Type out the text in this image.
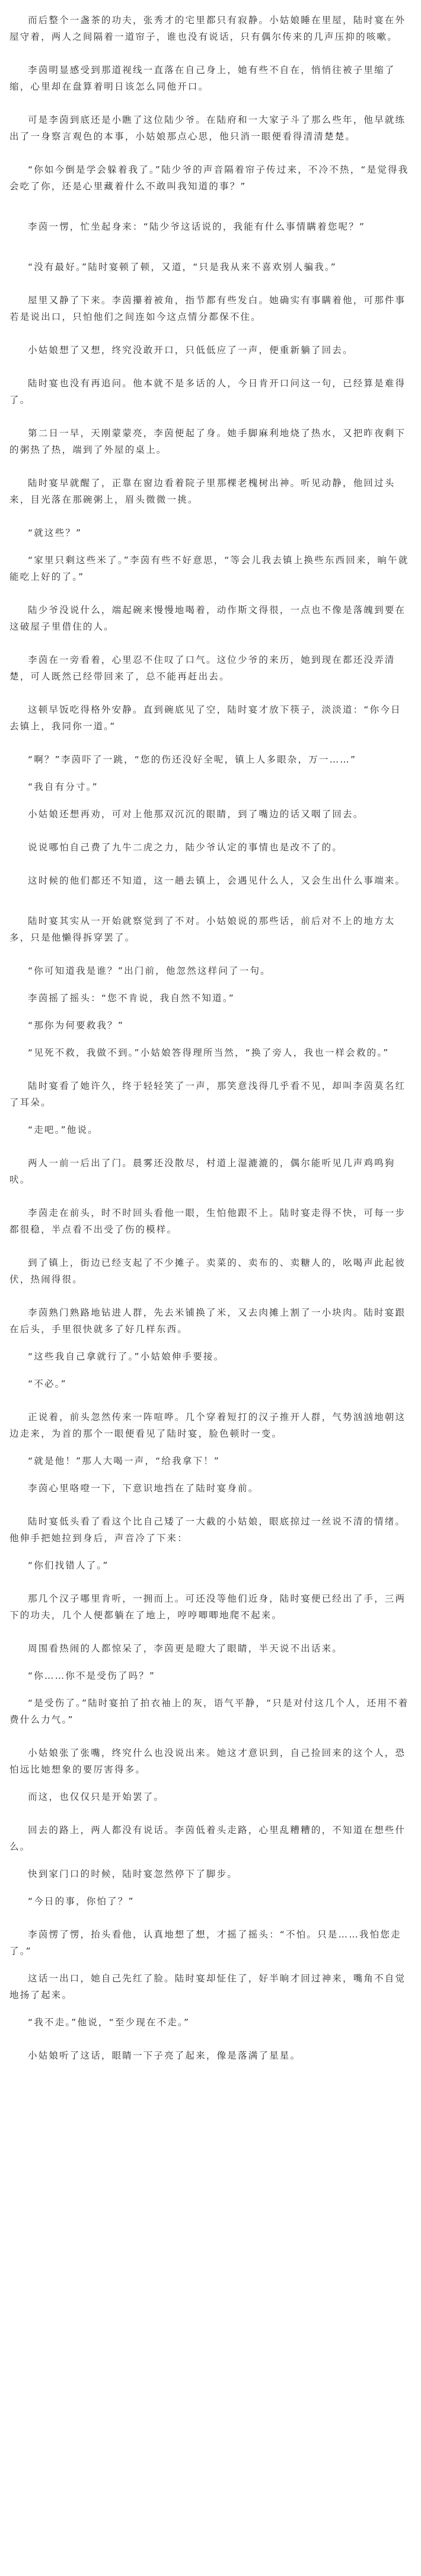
而后整个一盏茶的功夫，张秀才的宅里都只有寂静。小姑娘睡在里屋，陆时宴在外屋守着，两人之间隔着一道帘子，谁也没有说话，只有偶尔传来的几声压抑的咳嗽。

李茵明显感受到那道视线一直落在自己身上，她有些不自在，悄悄往被子里缩了缩，心里却在盘算着明日该怎么同他开口。

可是李茵到底还是小瞧了这位陆少爷。在陆府和一大家子斗了那么些年，他早就练出了一身察言观色的本事，小姑娘那点心思，他只消一眼便看得清清楚楚。

“你如今倒是学会躲着我了。”陆少爷的声音隔着帘子传过来，不冷不热，“是觉得我会吃了你，还是心里藏着什么不敢叫我知道的事？”

李茵一愣，忙坐起身来：“陆少爷这话说的，我能有什么事情瞒着您呢？”

“没有最好。”陆时宴顿了顿，又道，“只是我从来不喜欢别人骗我。”

屋里又静了下来。李茵攥着被角，指节都有些发白。她确实有事瞒着他，可那件事若是说出口，只怕他们之间连如今这点情分都保不住。

小姑娘想了又想，终究没敢开口，只低低应了一声，便重新躺了回去。

陆时宴也没有再追问。他本就不是多话的人，今日肯开口问这一句，已经算是难得了。

第二日一早，天刚蒙蒙亮，李茵便起了身。她手脚麻利地烧了热水，又把昨夜剩下的粥热了热，端到了外屋的桌上。

陆时宴早就醒了，正靠在窗边看着院子里那棵老槐树出神。听见动静，他回过头来，目光落在那碗粥上，眉头微微一挑。

“就这些？”

“家里只剩这些米了。”李茵有些不好意思，“等会儿我去镇上换些东西回来，晌午就能吃上好的了。”

陆少爷没说什么，端起碗来慢慢地喝着，动作斯文得很，一点也不像是落魄到要在这破屋子里借住的人。

李茵在一旁看着，心里忍不住叹了口气。这位少爷的来历，她到现在都还没弄清楚，可人既然已经带回来了，总不能再赶出去。

这顿早饭吃得格外安静。直到碗底见了空，陆时宴才放下筷子，淡淡道：“你今日去镇上，我同你一道。”

“啊？”李茵吓了一跳，“您的伤还没好全呢，镇上人多眼杂，万一……”

“我自有分寸。”

小姑娘还想再劝，可对上他那双沉沉的眼睛，到了嘴边的话又咽了回去。

说说哪怕自己费了九牛二虎之力，陆少爷认定的事情也是改不了的。

这时候的他们都还不知道，这一趟去镇上，会遇见什么人，又会生出什么事端来。

陆时宴其实从一开始就察觉到了不对。小姑娘说的那些话，前后对不上的地方太多，只是他懒得拆穿罢了。

“你可知道我是谁？”出门前，他忽然这样问了一句。

李茵摇了摇头：“您不肯说，我自然不知道。”

“那你为何要救我？”

“见死不救，我做不到。”小姑娘答得理所当然，“换了旁人，我也一样会救的。”

陆时宴看了她许久，终于轻轻笑了一声，那笑意浅得几乎看不见，却叫李茵莫名红了耳朵。

“走吧。”他说。

两人一前一后出了门。晨雾还没散尽，村道上湿漉漉的，偶尔能听见几声鸡鸣狗吠。

李茵走在前头，时不时回头看他一眼，生怕他跟不上。陆时宴走得不快，可每一步都很稳，半点看不出受了伤的模样。

到了镇上，街边已经支起了不少摊子。卖菜的、卖布的、卖糖人的，吆喝声此起彼伏，热闹得很。

李茵熟门熟路地钻进人群，先去米铺换了米，又去肉摊上割了一小块肉。陆时宴跟在后头，手里很快就多了好几样东西。

“这些我自己拿就行了。”小姑娘伸手要接。

“不必。”

正说着，前头忽然传来一阵喧哗。几个穿着短打的汉子推开人群，气势汹汹地朝这边走来，为首的那个一眼便看见了陆时宴，脸色顿时一变。

“就是他！”那人大喝一声，“给我拿下！”

李茵心里咯噔一下，下意识地挡在了陆时宴身前。

陆时宴低头看了看这个比自己矮了一大截的小姑娘，眼底掠过一丝说不清的情绪。他伸手把她拉到身后，声音冷了下来：

“你们找错人了。”

那几个汉子哪里肯听，一拥而上。可还没等他们近身，陆时宴便已经出了手，三两下的功夫，几个人便都躺在了地上，哼哼唧唧地爬不起来。

周围看热闹的人都惊呆了，李茵更是瞪大了眼睛，半天说不出话来。

“你……你不是受伤了吗？”

“是受伤了。”陆时宴拍了拍衣袖上的灰，语气平静，“只是对付这几个人，还用不着费什么力气。”

小姑娘张了张嘴，终究什么也没说出来。她这才意识到，自己捡回来的这个人，恐怕远比她想象的要厉害得多。

而这，也仅仅只是开始罢了。

回去的路上，两人都没有说话。李茵低着头走路，心里乱糟糟的，不知道在想些什么。

快到家门口的时候，陆时宴忽然停下了脚步。

“今日的事，你怕了？”

李茵愣了愣，抬头看他，认真地想了想，才摇了摇头：“不怕。只是……我怕您走了。”

这话一出口，她自己先红了脸。陆时宴却怔住了，好半晌才回过神来，嘴角不自觉地扬了起来。

“我不走。”他说，“至少现在不走。”

小姑娘听了这话，眼睛一下子亮了起来，像是落满了星星。
